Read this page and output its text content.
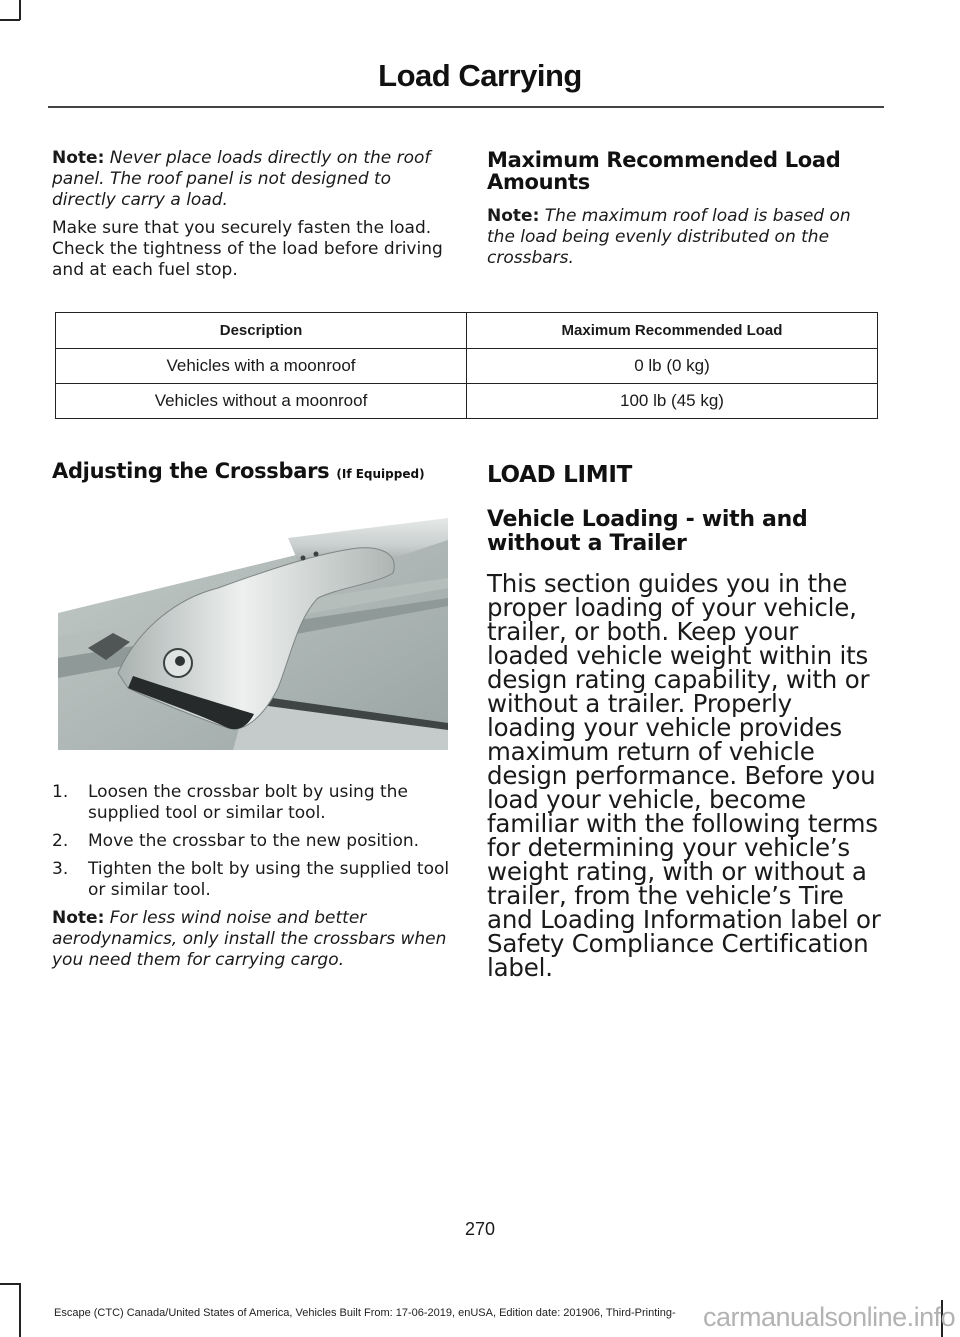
Load Carrying

Note: Never place loads directly on the roof panel. The roof panel is not designed to directly carry a load.

Make sure that you securely fasten the load. Check the tightness of the load before driving and at each fuel stop.

Maximum Recommended Load Amounts

Note: The maximum roof load is based on the load being evenly distributed on the crossbars.

Description	Maximum Recommended Load
Vehicles with a moonroof	0 lb (0 kg)
Vehicles without a moonroof	100 lb (45 kg)
Adjusting the Crossbars (If Equipped)
1. Loosen the crossbar bolt by using the supplied tool or similar tool.
2. Move the crossbar to the new position.
3. Tighten the bolt by using the supplied tool or similar tool.

Note: For less wind noise and better aerodynamics, only install the crossbars when you need them for carrying cargo.

LOAD LIMIT
Vehicle Loading - with and without a Trailer

This section guides you in the proper loading of your vehicle, trailer, or both. Keep your loaded vehicle weight within its design rating capability, with or without a trailer. Properly loading your vehicle provides maximum return of vehicle design performance. Before you load your vehicle, become familiar with the following terms for determining your vehicle’s weight rating, with or without a trailer, from the vehicle’s Tire and Loading Information label or Safety Compliance Certification label.

270
Escape (CTC) Canada/United States of America, Vehicles Built From: 17-06-2019, enUSA, Edition date: 201906, Third-Printing- carmanualsonline.info
